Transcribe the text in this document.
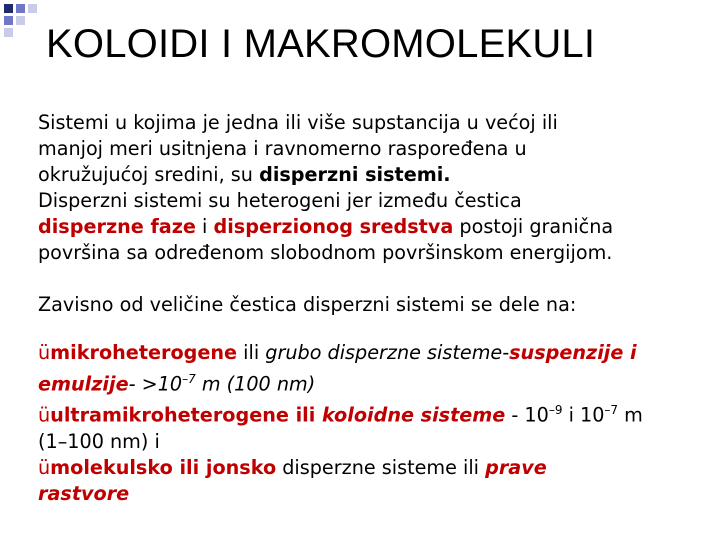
KOLOIDI I MAKROMOLEKULI

Sistemi u kojima je jedna ili više supstancija u većoj ili
manjoj meri usitnjena i ravnomerno raspoređena u
okružujućoj sredini, su disperzni sistemi.
Disperzni sistemi su heterogeni jer između čestica
disperzne faze i disperzionog sredstva postoji granična
površina sa određenom slobodnom površinskom energijom.

Zavisno od veličine čestica disperzni sistemi se dele na:

ümikroheterogene ili grubo disperzne sisteme-suspenzije i
emulzije- $>10^{-7}$ m (100 nm)
üultramikroheterogene ili koloidne sisteme - $10^{-9}$ i $10^{-7}$ m
(1–100 nm) i
ümolekulsko ili jonsko disperzne sisteme ili prave
rastvore
